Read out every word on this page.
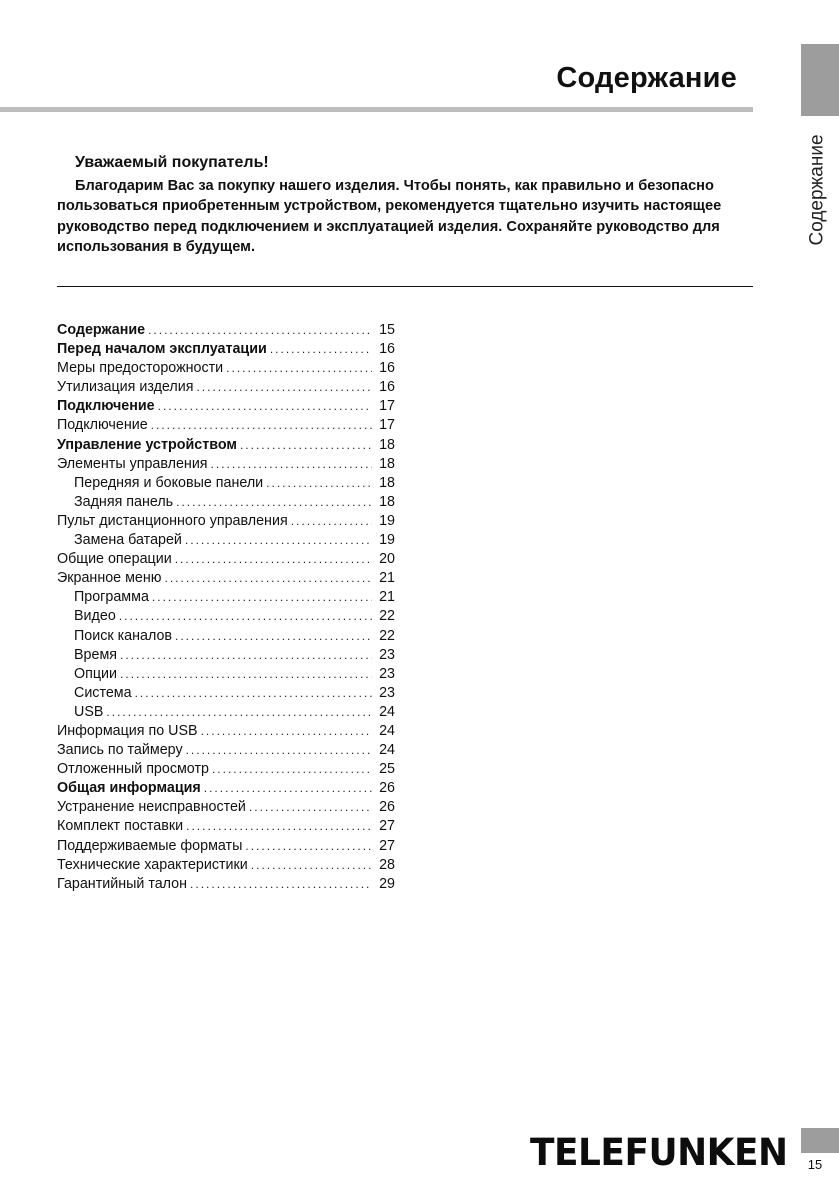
Содержание
Содержание
Уважаемый покупатель!
Благодарим Вас за покупку нашего изделия. Чтобы понять, как правильно и безопасно пользоваться приобретенным устройством, рекомендуется тщательно изучить настоящее руководство перед подключением и эксплуатацией изделия. Сохраняйте руководство для использования в будущем.
Содержание .....	15
Перед началом эксплуатации .....	16
Меры предосторожности .....	16
Утилизация изделия .....	16
Подключение .....	17
Подключение .....	17
Управление устройством .....	18
Элементы управления .....	18
Передняя и боковые панели .....	18
Задняя панель .....	18
Пульт дистанционного управления .....	19
Замена батарей .....	19
Общие операции .....	20
Экранное меню .....	21
Программа .....	21
Видео .....	22
Поиск каналов .....	22
Время .....	23
Опции .....	23
Система .....	23
USB .....	24
Информация по USB .....	24
Запись по таймеру .....	24
Отложенный просмотр .....	25
Общая информация .....	26
Устранение неисправностей .....	26
Комплект поставки .....	27
Поддерживаемые форматы .....	27
Технические характеристики .....	28
Гарантийный талон .....	29
TELEFUNKEN	15
